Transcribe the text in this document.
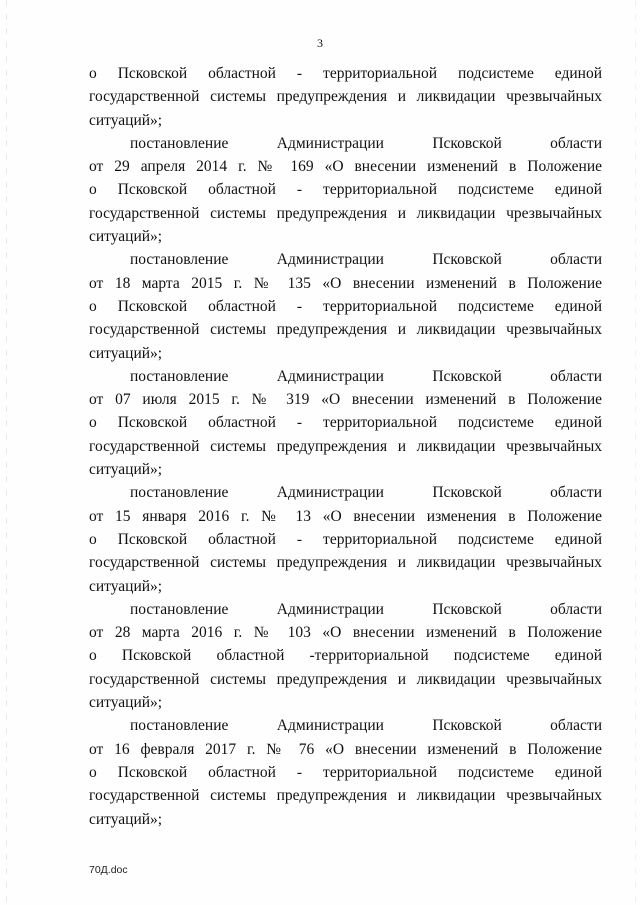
3
о Псковской областной - территориальной подсистеме единой
государственной системы предупреждения и ликвидации чрезвычайных
ситуаций»;
постановление Администрации Псковской области
от 29 апреля 2014 г. № 169 «О внесении изменений в Положение
о Псковской областной - территориальной подсистеме единой
государственной системы предупреждения и ликвидации чрезвычайных
ситуаций»;
постановление Администрации Псковской области
от 18 марта 2015 г. № 135 «О внесении изменений в Положение
о Псковской областной - территориальной подсистеме единой
государственной системы предупреждения и ликвидации чрезвычайных
ситуаций»;
постановление Администрации Псковской области
от 07 июля 2015 г. № 319 «О внесении изменений в Положение
о Псковской областной - территориальной подсистеме единой
государственной системы предупреждения и ликвидации чрезвычайных
ситуаций»;
постановление Администрации Псковской области
от 15 января 2016 г. № 13 «О внесении изменения в Положение
о Псковской областной - территориальной подсистеме единой
государственной системы предупреждения и ликвидации чрезвычайных
ситуаций»;
постановление Администрации Псковской области
от 28 марта 2016 г. № 103 «О внесении изменений в Положение
о Псковской областной -территориальной подсистеме единой
государственной системы предупреждения и ликвидации чрезвычайных
ситуаций»;
постановление Администрации Псковской области
от 16 февраля 2017 г. № 76 «О внесении изменений в Положение
о Псковской областной - территориальной подсистеме единой
государственной системы предупреждения и ликвидации чрезвычайных
ситуаций»;
70Д.doc
